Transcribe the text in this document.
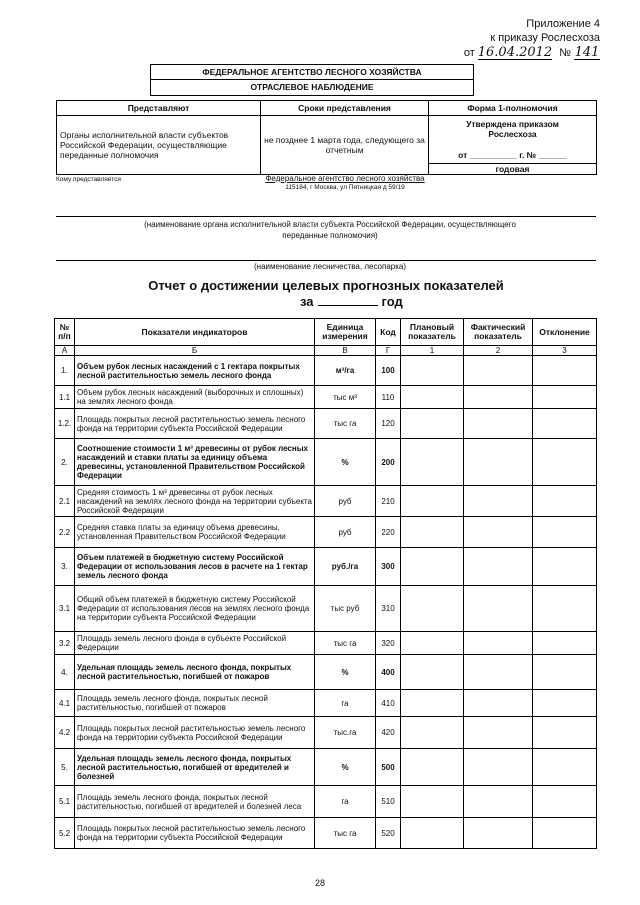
Приложение 4
к приказу Рослесхоза
от 16.04.2012 № 141
ФЕДЕРАЛЬНОЕ АГЕНТСТВО ЛЕСНОГО ХОЗЯЙСТВА
ОТРАСЛЕВОЕ НАБЛЮДЕНИЕ
Представляют	Сроки представления	Форма 1-полномочия
Органы исполнительной власти субъектов Российской Федерации, осуществляющие переданные полномочия	не позднее 1 марта года, следующего за отчетным	Утверждена приказом Рослесхоза
от __________ г. № ______
годовая
Кому представляется	Федеральное агентство лесного хозяйства
115184, г Москва, ул Пятницкая д 59/19
(наименование органа исполнительной власти субъекта Российской Федерации, осуществляющего переданные полномочия)
(наименование лесничества, лесопарка)
Отчет о достижении целевых прогнозных показателей
за	год
№ п/п	Показатели индикаторов	Единица измерения	Код	Плановый показатель	Фактический показатель	Отклонение
А	Б	В	Г	1	2	3
1.	Объем рубок лесных насаждений с 1 гектара покрытых лесной растительностью земель лесного фонда	м³/га	100			
1.1	Объем рубок лесных насаждений (выборочных и сплошных) на землях лесного фонда	тыс м³	110			
1.2.	Площадь покрытых лесной растительностью земель лесного фонда на территории субъекта Российской Федерации	тыс га	120			
2.	Соотношение стоимости 1 м³ древесины от рубок лесных насаждений и ставки платы за единицу объема древесины, установленной Правительством Российской Федерации	%	200			
2.1	Средняя стоимость 1 м³ древесины от рубок лесных насаждений на землях лесного фонда на территории субъекта Российской Федерации	руб	210			
2.2	Средняя ставка платы за единицу объема древесины, установленная Правительством Российской Федерации	руб	220			
3.	Объем платежей в бюджетную систему Российской Федерации от использования лесов в расчете на 1 гектар земель лесного фонда	руб./га	300			
3.1	Общий объем платежей в бюджетную систему Российской Федерации от использования лесов на землях лесного фонда на территории субъекта Российской Федерации	тыс руб	310			
3.2	Площадь земель лесного фонда в субъекте Российской Федерации	тыс га	320			
4.	Удельная площадь земель лесного фонда, покрытых лесной растительностью, погибшей от пожаров	%	400			
4.1	Площадь земель лесного фонда, покрытых лесной растительностью, погибшей от пожаров	га	410			
4.2	Площадь покрытых лесной растительностью земель лесного фонда на территории субъекта Российской Федерации	тыс.га	420			
5.	Удельная площадь земель лесного фонда, покрытых лесной растительностью, погибшей от вредителей и болезней	%	500			
5.1	Площадь земель лесного фонда, покрытых лесной растительностью, погибшей от вредителей и болезней леса	га	510			
5.2	Площадь покрытых лесной растительностью земель лесного фонда на территории субъекта Российской Федерации	тыс га	520			
28
